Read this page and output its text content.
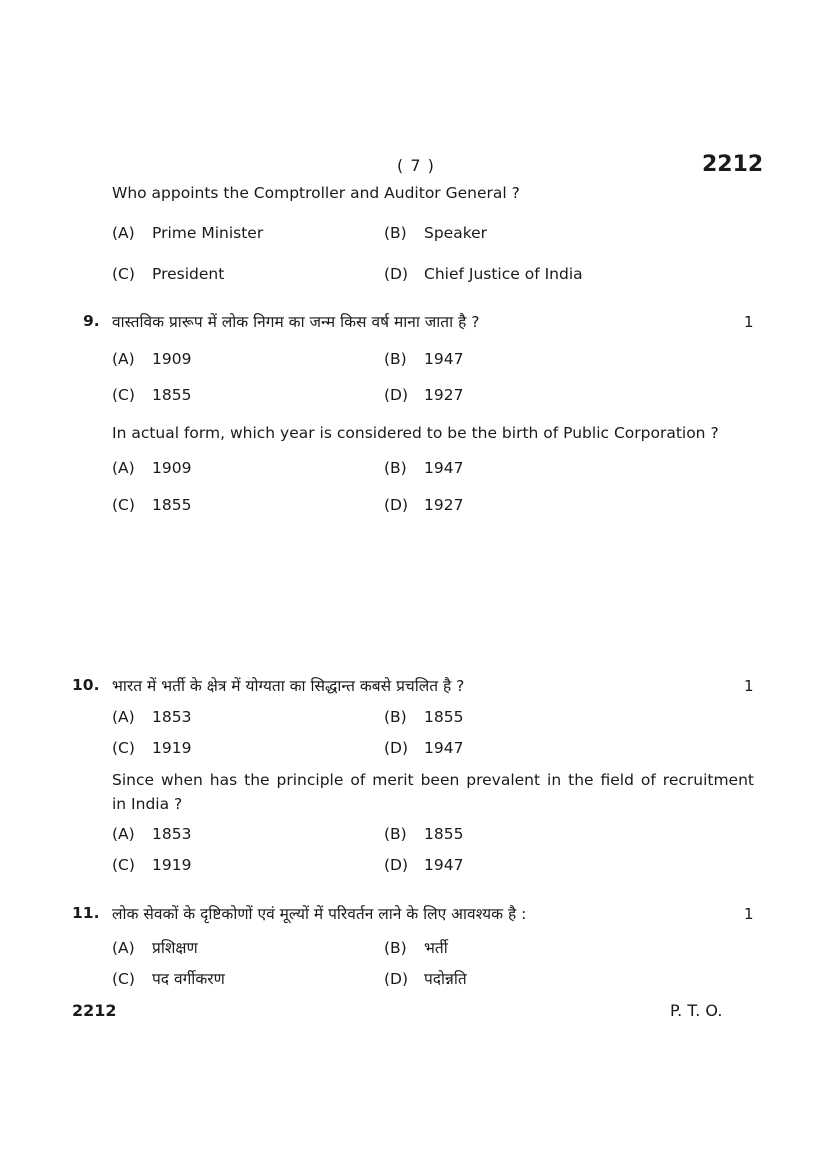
( 7 )	2212
Who appoints the Comptroller and Auditor General ?
(A) Prime Minister	(B) Speaker
(C) President	(D) Chief Justice of India
9. वास्तविक प्रारूप में लोक निगम का जन्म किस वर्ष माना जाता है ?	1
(A) 1909	(B) 1947
(C) 1855	(D) 1927
In actual form, which year is considered to be the birth of Public Corporation ?
(A) 1909	(B) 1947
(C) 1855	(D) 1927
10. भारत में भर्ती के क्षेत्र में योग्यता का सिद्धान्त कबसे प्रचलित है ?	1
(A) 1853	(B) 1855
(C) 1919	(D) 1947
Since when has the principle of merit been prevalent in the field of recruitment
in India ?
(A) 1853	(B) 1855
(C) 1919	(D) 1947
11. लोक सेवकों के दृष्टिकोणों एवं मूल्यों में परिवर्तन लाने के लिए आवश्यक है :	1
(A) प्रशिक्षण	(B) भर्ती
(C) पद वर्गीकरण	(D) पदोन्नति
2212	P. T. O.
